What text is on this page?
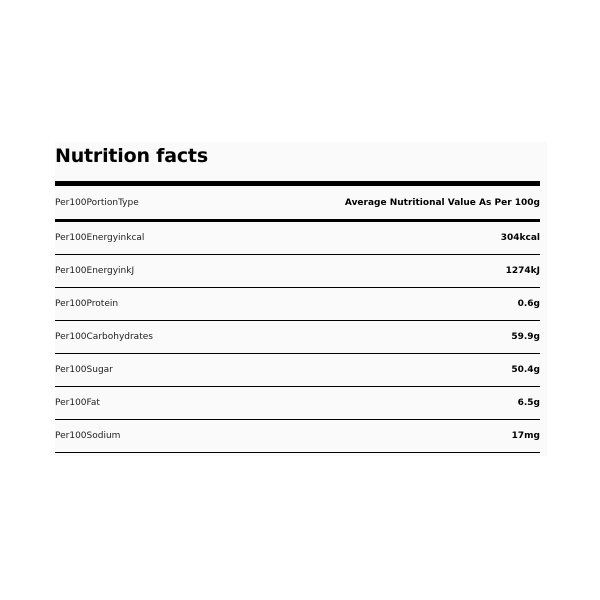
Nutrition facts
Per100PortionType	Average Nutritional Value As Per 100g
Per100Energyinkcal	304kcal
Per100EnergyinkJ	1274kJ
Per100Protein	0.6g
Per100Carbohydrates	59.9g
Per100Sugar	50.4g
Per100Fat	6.5g
Per100Sodium	17mg
